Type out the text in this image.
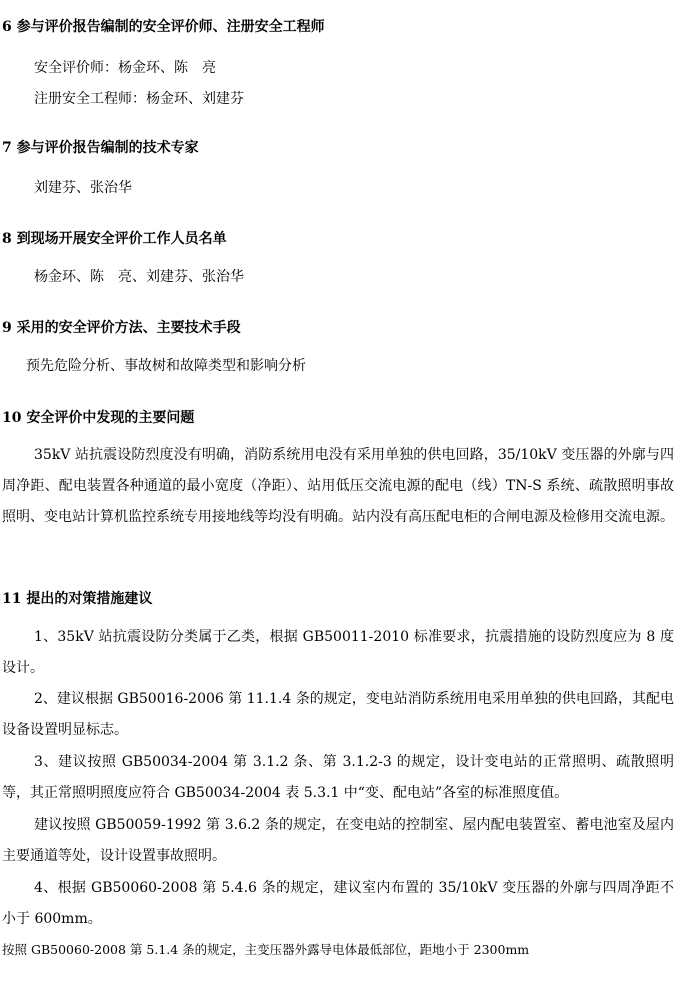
6 参与评价报告编制的安全评价师、注册安全工程师
安全评价师：杨金环、陈　亮
注册安全工程师：杨金环、刘建芬
7 参与评价报告编制的技术专家
刘建芬、张治华
8 到现场开展安全评价工作人员名单
杨金环、陈　亮、刘建芬、张治华
9 采用的安全评价方法、主要技术手段
预先危险分析、事故树和故障类型和影响分析
10 安全评价中发现的主要问题

35kV 站抗震设防烈度没有明确，消防系统用电没有采用单独的供电回路，35/10kV 变压器的外廓与四周净距、配电装置各种通道的最小宽度（净距）、站用低压交流电源的配电（线）TN-S 系统、疏散照明事故照明、变电站计算机监控系统专用接地线等均没有明确。站内没有高压配电柜的合闸电源及检修用交流电源。

11 提出的对策措施建议

1、35kV 站抗震设防分类属于乙类，根据 GB50011-2010 标准要求，抗震措施的设防烈度应为 8 度设计。

2、建议根据 GB50016-2006 第 11.1.4 条的规定，变电站消防系统用电采用单独的供电回路，其配电设备设置明显标志。

3、建议按照 GB50034-2004 第 3.1.2 条、第 3.1.2-3 的规定，设计变电站的正常照明、疏散照明等，其正常照明照度应符合 GB50034-2004 表 5.3.1 中“变、配电站”各室的标准照度值。

建议按照 GB50059-1992 第 3.6.2 条的规定，在变电站的控制室、屋内配电装置室、蓄电池室及屋内主要通道等处，设计设置事故照明。

4、根据 GB50060-2008 第 5.4.6 条的规定，建议室内布置的 35/10kV 变压器的外廓与四周净距不小于 600mm。

按照 GB50060-2008 第 5.1.4 条的规定，主变压器外露导电体最低部位，距地小于 2300mm
